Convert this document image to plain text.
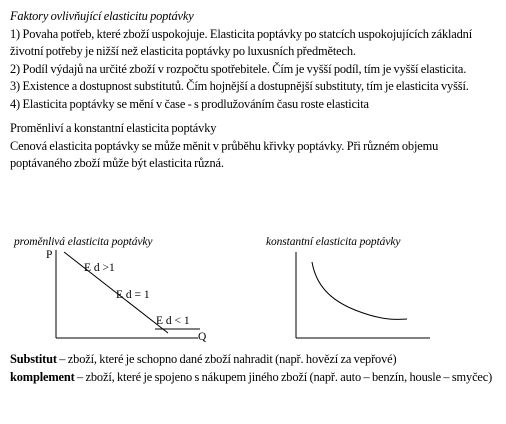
Faktory ovlivňující elasticitu poptávky

1) Povaha potřeb, které zboží uspokojuje. Elasticita poptávky po statcích uspokojujících základní životní potřeby je nižší než elasticita poptávky po luxusních předmětech.

2) Podíl výdajů na určité zboží v rozpočtu spotřebitele. Čím je vyšší podíl, tím je vyšší elasticita.

3) Existence a dostupnost substitutů. Čím hojnější a dostupnější substituty, tím je elasticita vyšší.

4) Elasticita poptávky se mění v čase - s prodlužováním času roste elasticita

Proměnliví a konstantní elasticita poptávky

Cenová elasticita poptávky se může měnit v průběhu křivky poptávky. Při různém objemu poptávaného zboží může být elasticita různá.

proměnlivá elasticita poptávky
P
Q
E d >1
E d = 1
E d < 1
konstantní elasticita poptávky

Substitut – zboží, které je schopno dané zboží nahradit (např. hovězí za vepřové)

komplement – zboží, které je spojeno s nákupem jiného zboží (např. auto – benzín, housle – smyčec)
